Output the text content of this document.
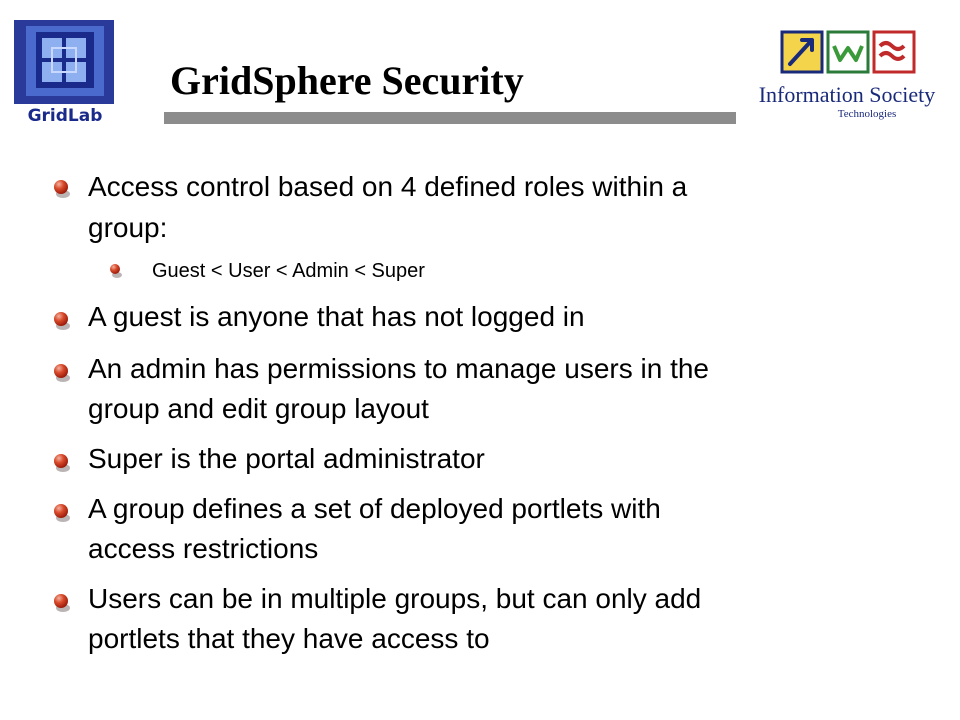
GridLab
GridSphere Security	Information Society
Technologies
Access control based on 4 defined roles within a
group:
Guest < User < Admin < Super
A guest is anyone that has not logged in
An admin has permissions to manage users in the
group and edit group layout
Super is the portal administrator
A group defines a set of deployed portlets with
access restrictions
Users can be in multiple groups, but can only add
portlets that they have access to
